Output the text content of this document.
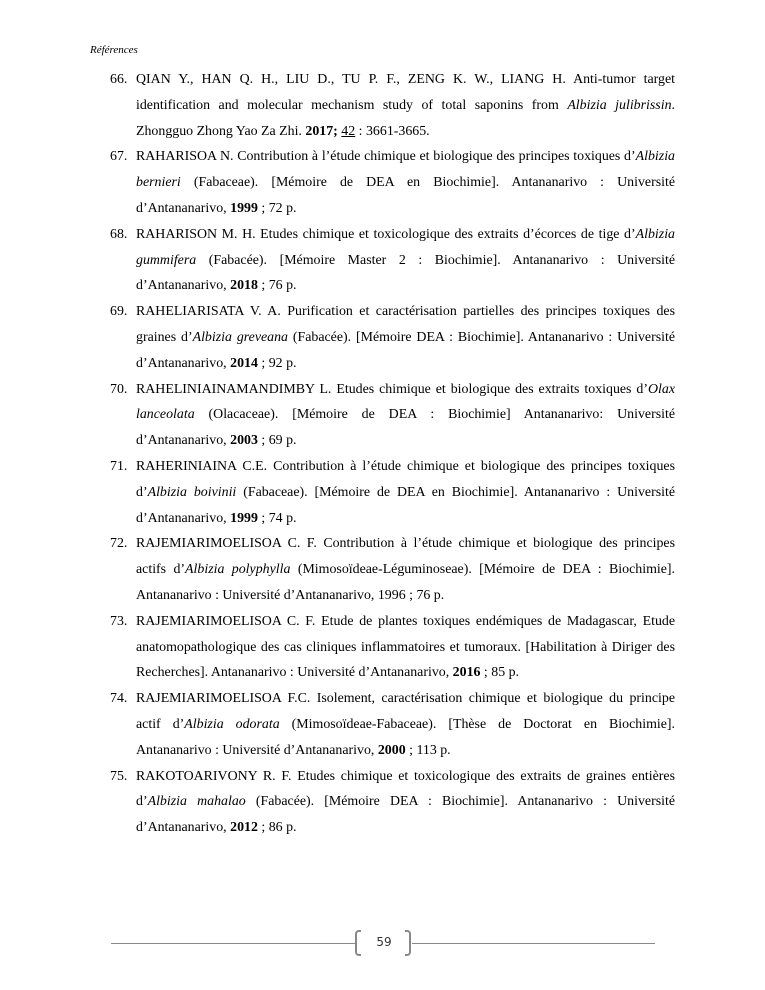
Références
66. QIAN Y., HAN Q. H., LIU D., TU P. F., ZENG K. W., LIANG H. Anti-tumor target identification and molecular mechanism study of total saponins from Albizia julibrissin. Zhongguo Zhong Yao Za Zhi. 2017; 42 : 3661-3665.
67. RAHARISOA N. Contribution à l’étude chimique et biologique des principes toxiques d’Albizia bernieri (Fabaceae). [Mémoire de DEA en Biochimie]. Antananarivo : Université d’Antananarivo, 1999 ; 72 p.
68. RAHARISON M. H. Etudes chimique et toxicologique des extraits d’écorces de tige d’Albizia gummifera (Fabacée). [Mémoire Master 2 : Biochimie]. Antananarivo : Université d’Antananarivo, 2018 ; 76 p.
69. RAHELIARISATA V. A. Purification et caractérisation partielles des principes toxiques des graines d’Albizia greveana (Fabacée). [Mémoire DEA : Biochimie]. Antananarivo : Université d’Antananarivo, 2014 ; 92 p.
70. RAHELINIAINAMANDIMBY L. Etudes chimique et biologique des extraits toxiques d’Olax lanceolata (Olacaceae). [Mémoire de DEA : Biochimie] Antananarivo: Université d’Antananarivo, 2003 ; 69 p.
71. RAHERINIAINA C.E. Contribution à l’étude chimique et biologique des principes toxiques d’Albizia boivinii (Fabaceae). [Mémoire de DEA en Biochimie]. Antananarivo : Université d’Antananarivo, 1999 ; 74 p.
72. RAJEMIARIMOELISOA C. F. Contribution à l’étude chimique et biologique des principes actifs d’Albizia polyphylla (Mimosoïdeae-Léguminoseae). [Mémoire de DEA : Biochimie]. Antananarivo : Université d’Antananarivo, 1996 ; 76 p.
73. RAJEMIARIMOELISOA C. F. Etude de plantes toxiques endémiques de Madagascar, Etude anatomopathologique des cas cliniques inflammatoires et tumoraux. [Habilitation à Diriger des Recherches]. Antananarivo : Université d’Antananarivo, 2016 ; 85 p.
74. RAJEMIARIMOELISOA F.C. Isolement, caractérisation chimique et biologique du principe actif d’Albizia odorata (Mimosoïdeae-Fabaceae). [Thèse de Doctorat en Biochimie]. Antananarivo : Université d’Antananarivo, 2000 ; 113 p.
75. RAKOTOARIVONY R. F. Etudes chimique et toxicologique des extraits de graines entières d’Albizia mahalao (Fabacée). [Mémoire DEA : Biochimie]. Antananarivo : Université d’Antananarivo, 2012 ; 86 p.
59
